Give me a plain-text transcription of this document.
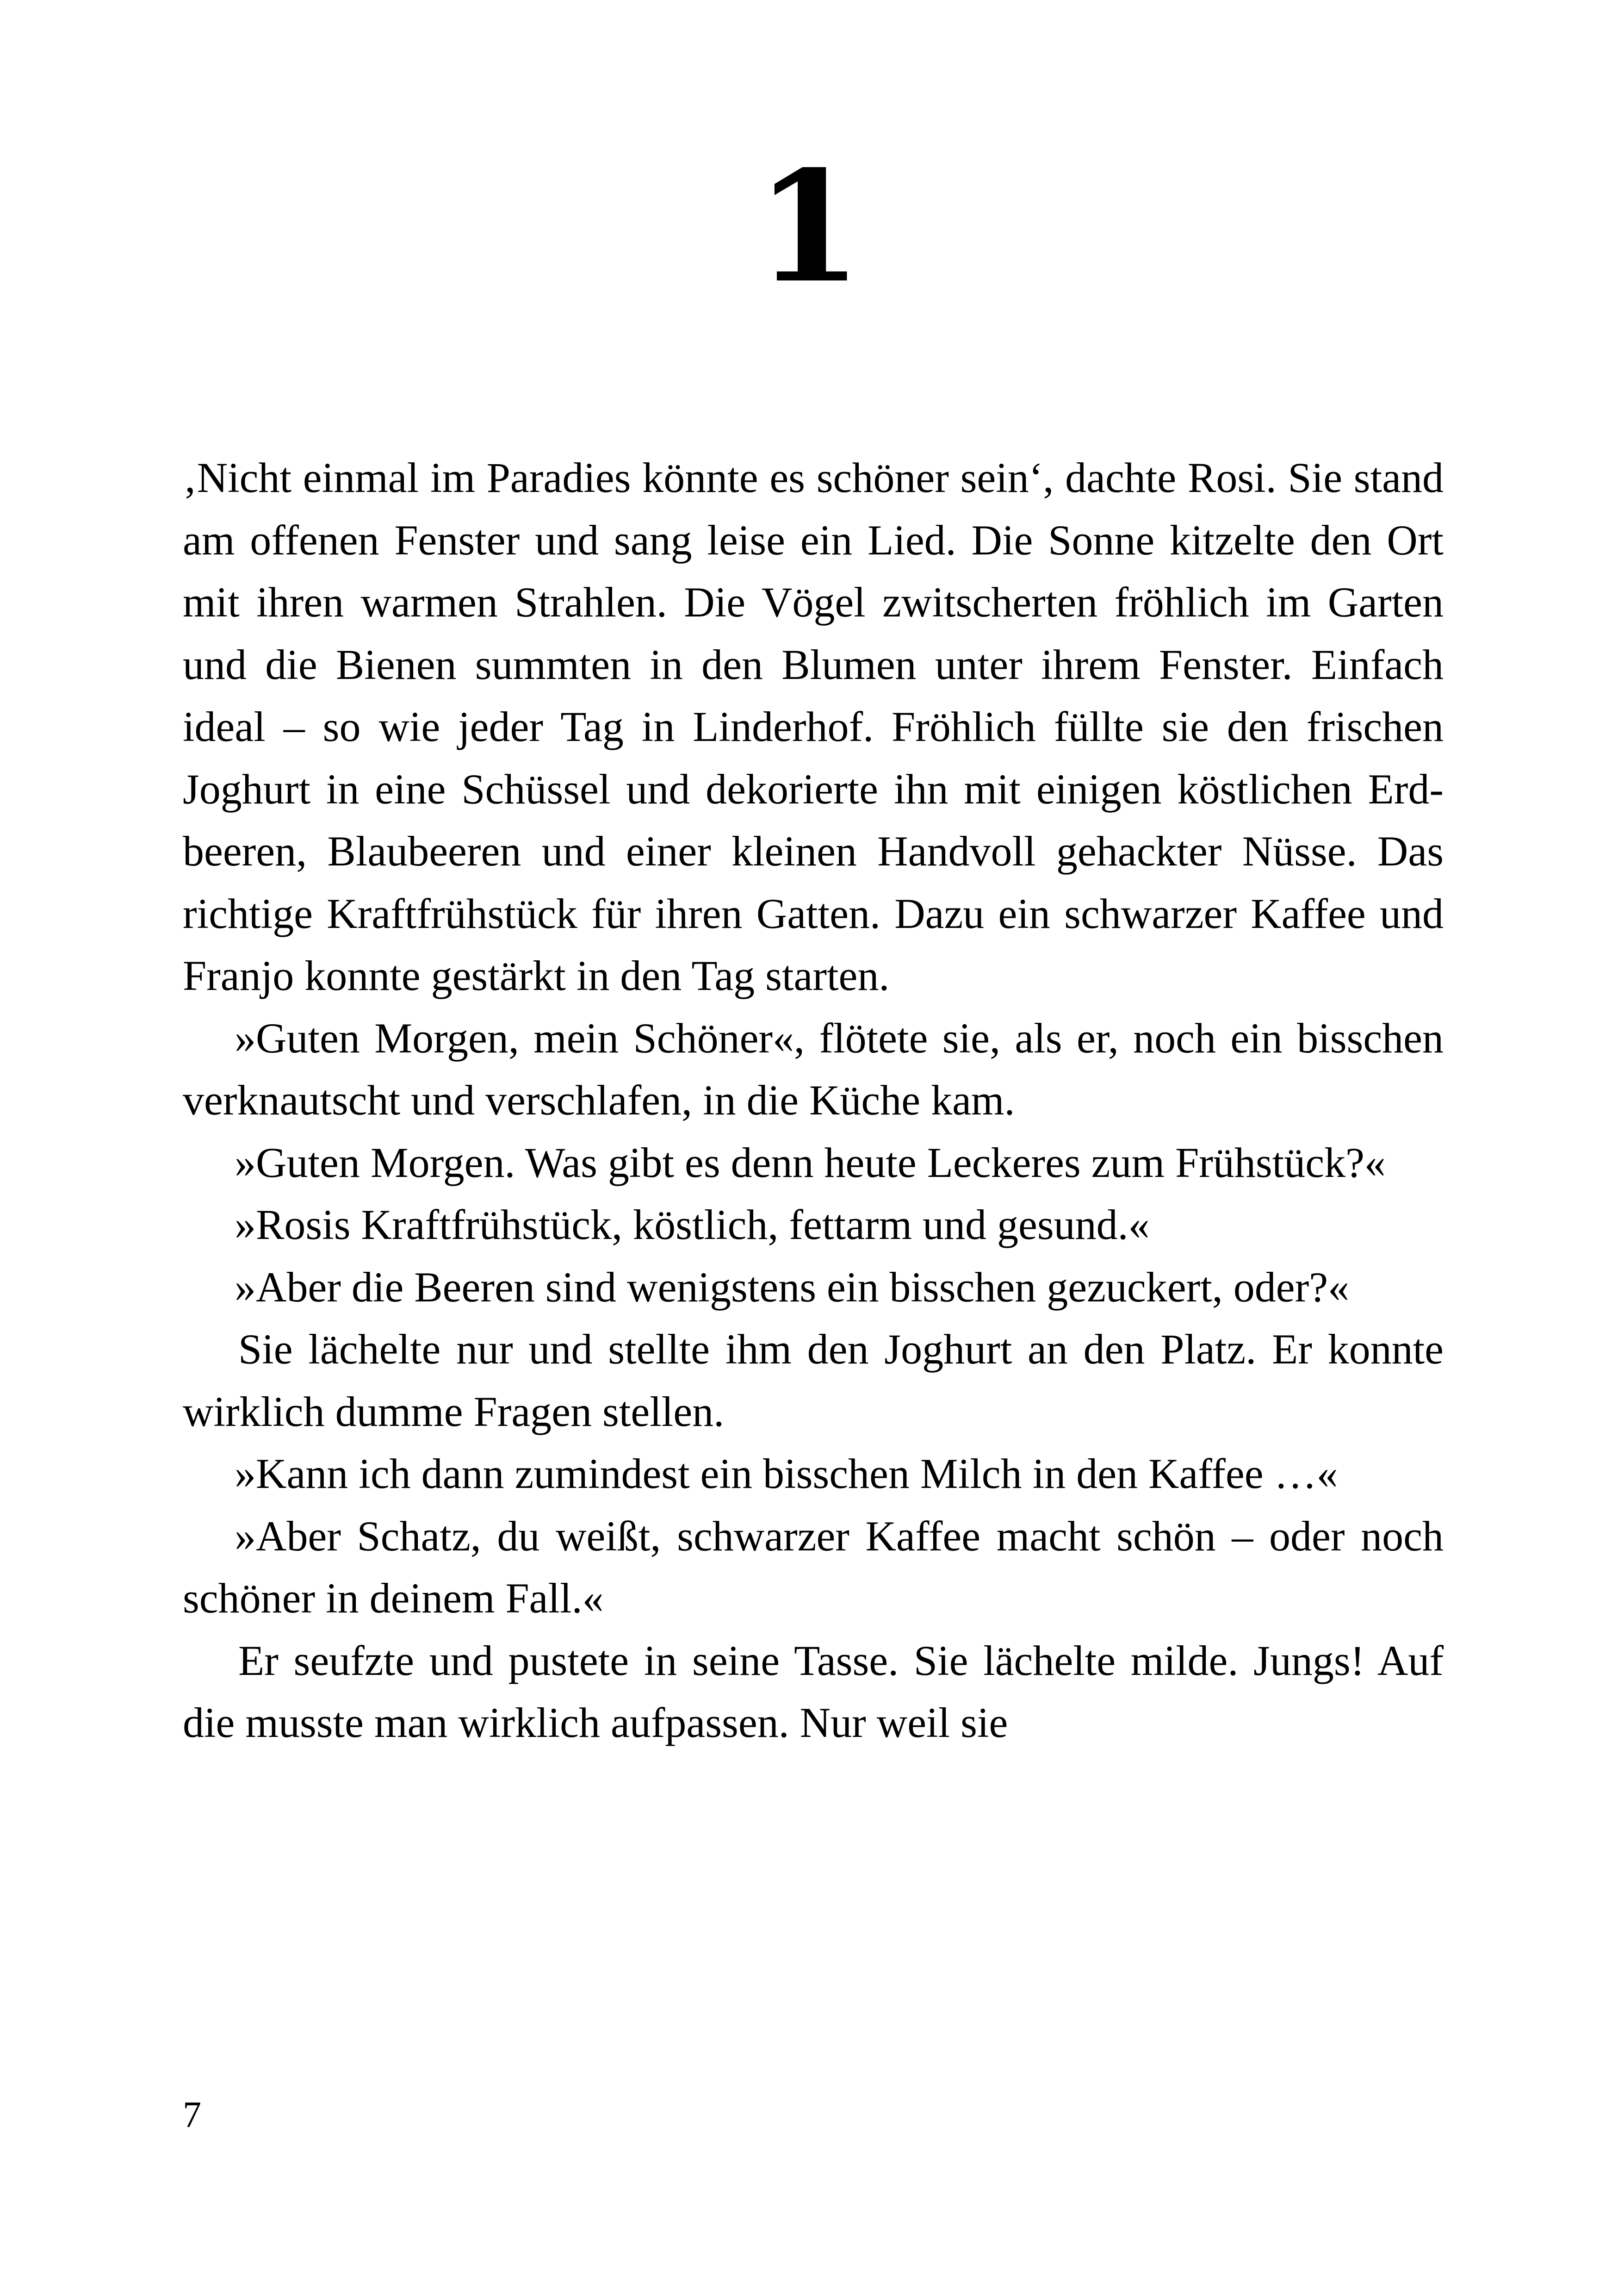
1

‚Nicht einmal im Paradies könnte es schöner sein‘, dachte Rosi. Sie stand am offenen Fenster und sang leise ein Lied. Die Sonne kitzelte den Ort mit ihren warmen Strahlen. Die Vögel zwitscherten fröhlich im Garten und die Bienen summten in den Blumen unter ihrem Fenster. Einfach ideal – so wie jeder Tag in Linderhof. Fröhlich füllte sie den frischen Joghurt in eine Schüssel und dekorierte ihn mit einigen köstlichen Erdbeeren, Blaubeeren und einer kleinen Handvoll gehackter Nüsse. Das richtige Kraftfrühstück für ihren Gatten. Dazu ein schwarzer Kaffee und Franjo konnte gestärkt in den Tag starten.

»Guten Morgen, mein Schöner«, flötete sie, als er, noch ein bisschen verknautscht und verschlafen, in die Küche kam.

»Guten Morgen. Was gibt es denn heute Leckeres zum Frühstück?«

»Rosis Kraftfrühstück, köstlich, fettarm und gesund.«

»Aber die Beeren sind wenigstens ein bisschen gezuckert, oder?«

Sie lächelte nur und stellte ihm den Joghurt an den Platz. Er konnte wirklich dumme Fragen stellen.

»Kann ich dann zumindest ein bisschen Milch in den Kaffee …«

»Aber Schatz, du weißt, schwarzer Kaffee macht schön – oder noch schöner in deinem Fall.«

Er seufzte und pustete in seine Tasse. Sie lächelte milde. Jungs! Auf die musste man wirklich aufpassen. Nur weil sie

7
